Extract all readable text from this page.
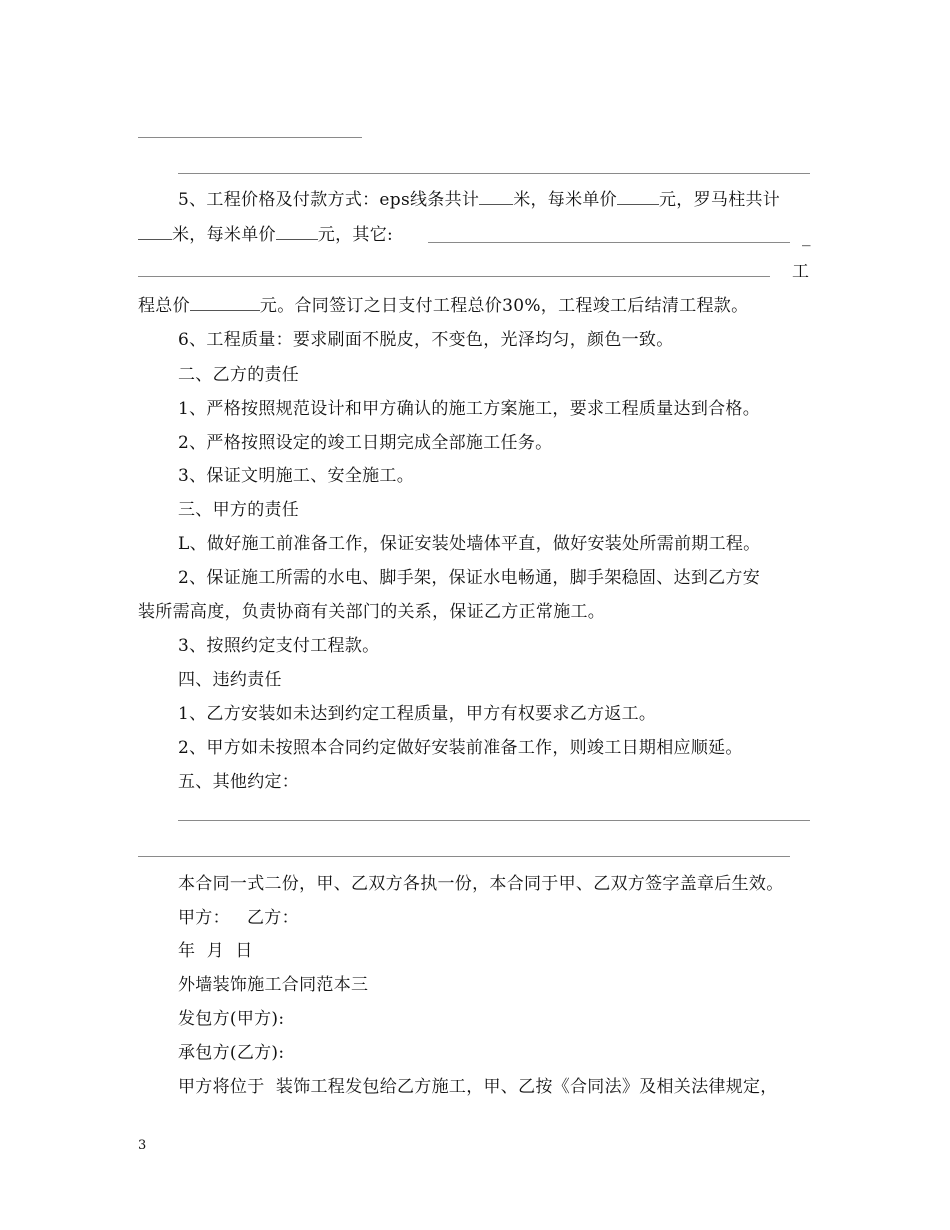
5、工程价格及付款方式：eps线条共计 米，每米单价 元，罗马柱共计
米，每米单价 元，其它:	_
工
程总价	元。合同签订之日支付工程总价30%，工程竣工后结清工程款。
6、工程质量：要求刷面不脱皮，不变色，光泽均匀，颜色一致。
二、乙方的责任
1、严格按照规范设计和甲方确认的施工方案施工，要求工程质量达到合格。
2、严格按照设定的竣工日期完成全部施工任务。
3、保证文明施工、安全施工。
三、甲方的责任
L、做好施工前准备工作，保证安装处墙体平直，做好安装处所需前期工程。
2、保证施工所需的水电、脚手架，保证水电畅通，脚手架稳固、达到乙方安
装所需高度，负责协商有关部门的关系，保证乙方正常施工。
3、按照约定支付工程款。
四、违约责任
1、乙方安装如未达到约定工程质量，甲方有权要求乙方返工。
2、甲方如未按照本合同约定做好安装前准备工作，则竣工日期相应顺延。
五、其他约定：
本合同一式二份，甲、乙双方各执一份，本合同于甲、乙双方签字盖章后生效。
甲方：   乙方：
年  月  日
外墙装饰施工合同范本三
发包方(甲方):
承包方(乙方):
甲方将位于  装饰工程发包给乙方施工，甲、乙按《合同法》及相关法律规定，
3
